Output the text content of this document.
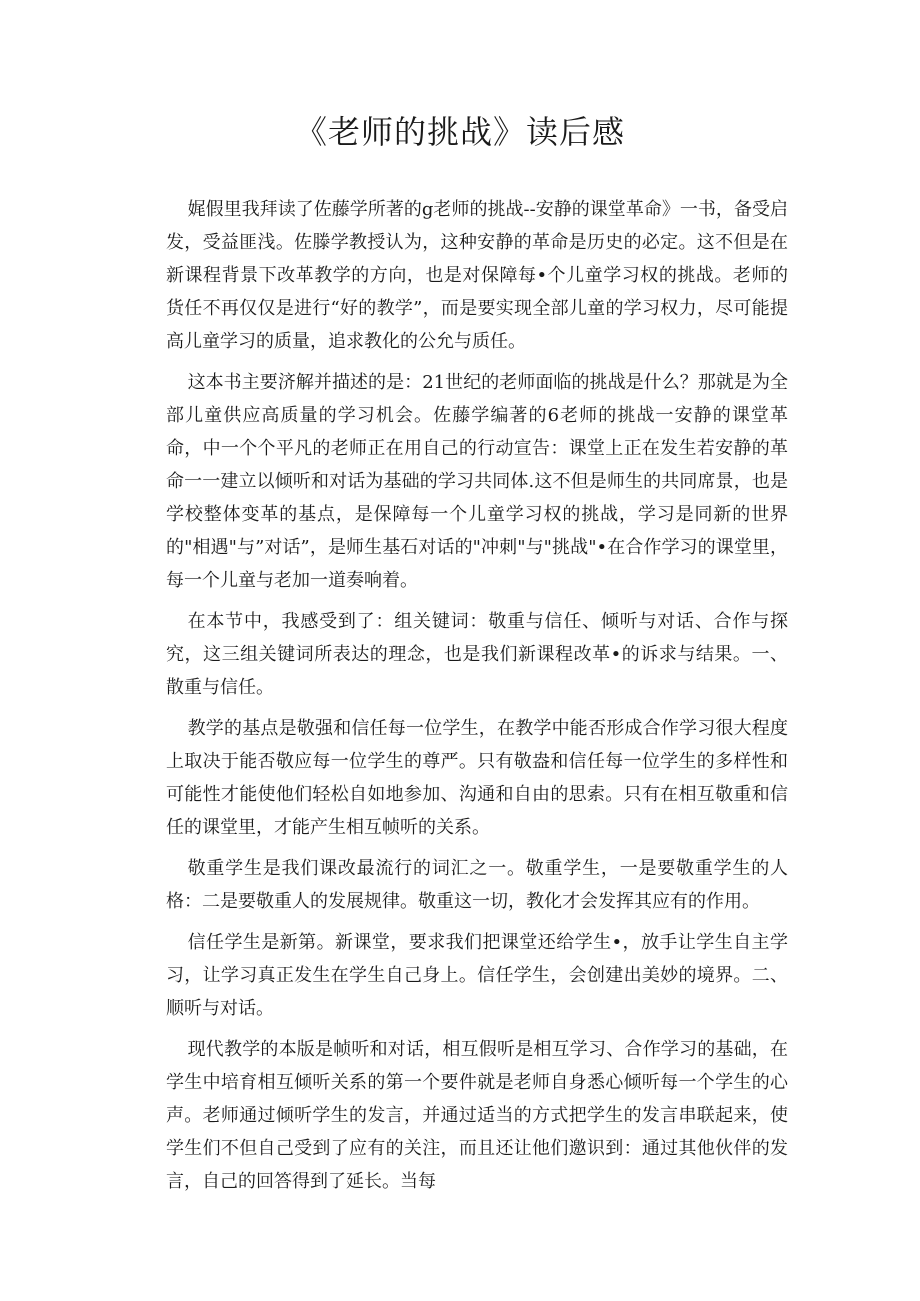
《老师的挑战》读后感

娓假里我拜读了佐藤学所著的g老师的挑战--安静的课堂革命》一书，备受启发，受益匪浅。佐滕学教授认为，这种安静的革命是历史的必定。这不但是在新课程背景下改革教学的方向，也是对保障每•个儿童学习权的挑战。老师的货任不再仅仅是进行“好的教学”，而是要实现全部儿童的学习权力，尽可能提高儿童学习的质量，追求教化的公允与质任。

这本书主要济解并描述的是：21世纪的老师面临的挑战是什么？那就是为全部儿童供应高质量的学习机会。佐藤学编著的6老师的挑战一安静的课堂革命，中一个个平凡的老师正在用自己的行动宣告：课堂上正在发生若安静的革命一一建立以倾听和对话为基础的学习共同体.这不但是师生的共同席景，也是学校整体变革的基点，是保障每一个儿童学习权的挑战，学习是同新的世界的"相遇"与”对话”，是师生基石对话的"冲刺"与"挑战"•在合作学习的课堂里，每一个儿童与老加一道奏响着。

在本节中，我感受到了：组关键词：敬重与信任、倾听与对话、合作与探究，这三组关键词所表达的理念，也是我们新课程改革•的诉求与结果。一、散重与信任。

教学的基点是敬强和信任每一位学生，在教学中能否形成合作学习很大程度上取决于能否敬应每一位学生的尊严。只有敬盎和信任每一位学生的多样性和可能性才能使他们轻松自如地参加、沟通和自由的思索。只有在相互敬重和信任的课堂里，才能产生相互帧听的关系。

敬重学生是我们课改最流行的词汇之一。敬重学生，一是要敬重学生的人格：二是要敬重人的发展规律。敬重这一切，教化才会发挥其应有的作用。

信任学生是新第。新课堂，要求我们把课堂还给学生•，放手让学生自主学习，让学习真正发生在学生自己身上。信任学生，会创建出美妙的境界。二、顺听与对话。

现代教学的本版是帧听和对话，相互假听是相互学习、合作学习的基础，在学生中培育相互倾听关系的第一个要件就是老师自身悉心倾听每一个学生的心声。老师通过倾听学生的发言，并通过适当的方式把学生的发言串联起来，使学生们不但自己受到了应有的关注，而且还让他们邀识到：通过其他伙伴的发言，自己的回答得到了延长。当每
